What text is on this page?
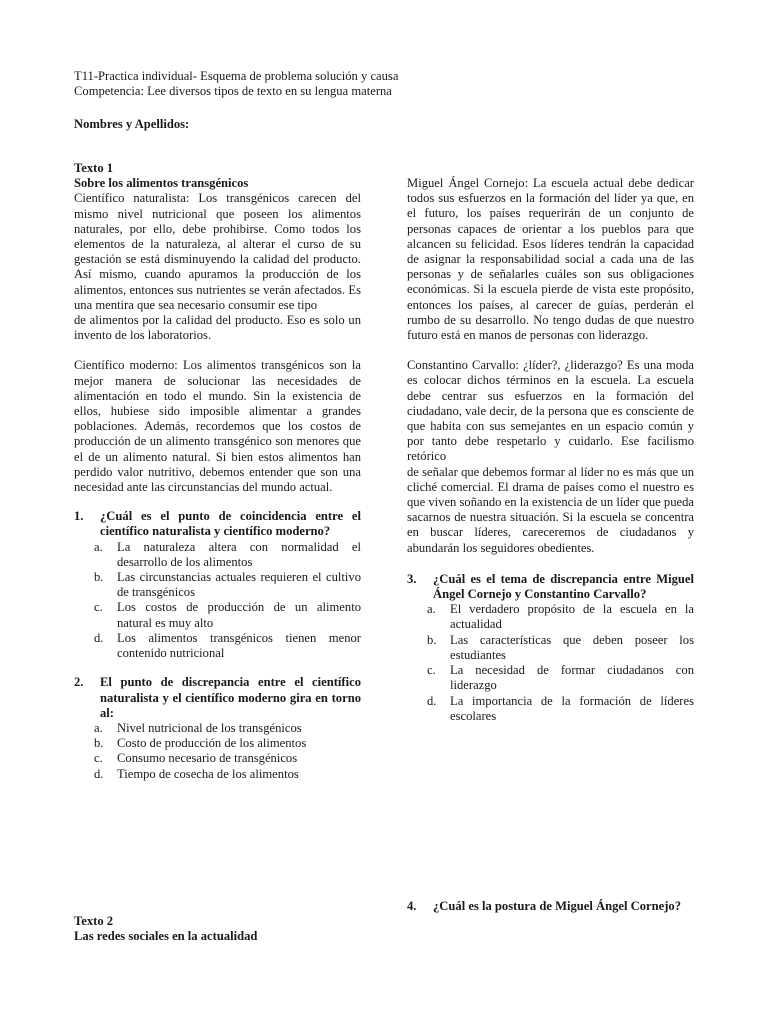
T11-Practica individual- Esquema de problema solución y causa
Competencia: Lee diversos tipos de texto en su lengua materna
Nombres y Apellidos:
Texto 1
Sobre los alimentos transgénicos

Científico naturalista: Los transgénicos carecen del mismo nivel nutricional que poseen los alimentos naturales, por ello, debe prohibirse. Como todos los elementos de la naturaleza, al alterar el curso de su gestación se está disminuyendo la calidad del producto. Así mismo, cuando apuramos la producción de los alimentos, entonces sus nutrientes se verán afectados. Es una mentira que sea necesario consumir ese tipo

de alimentos por la calidad del producto. Eso es solo un invento de los laboratorios.

Científico moderno: Los alimentos transgénicos son la mejor manera de solucionar las necesidades de alimentación en todo el mundo. Sin la existencia de ellos, hubiese sido imposible alimentar a grandes poblaciones. Además, recordemos que los costos de producción de un alimento transgénico son menores que el de un alimento natural. Si bien estos alimentos han perdido valor nutritivo, debemos entender que son una necesidad ante las circunstancias del mundo actual.

1.	¿Cuál es el punto de coincidencia entre el científico naturalista y científico moderno?
a.	La naturaleza altera con normalidad el desarrollo de los alimentos
b.	Las circunstancias actuales requieren el cultivo de transgénicos
c.	Los costos de producción de un alimento natural es muy alto
d.	Los alimentos transgénicos tienen menor contenido nutricional
2.	El punto de discrepancia entre el científico naturalista y el científico moderno gira en torno al:
a.	Nivel nutricional de los transgénicos
b.	Costo de producción de los alimentos
c.	Consumo necesario de transgénicos
d.	Tiempo de cosecha de los alimentos

Miguel Ángel Cornejo: La escuela actual debe dedicar todos sus esfuerzos en la formación del líder ya que, en el futuro, los países requerirán de un conjunto de personas capaces de orientar a los pueblos para que alcancen su felicidad. Esos líderes tendrán la capacidad de asignar la responsabilidad social a cada una de las personas y de señalarles cuáles son sus obligaciones económicas. Si la escuela pierde de vista este propósito, entonces los países, al carecer de guías, perderán el rumbo de su desarrollo. No tengo dudas de que nuestro futuro está en manos de personas con liderazgo.

Constantino Carvallo: ¿líder?, ¿liderazgo? Es una moda es colocar dichos términos en la escuela. La escuela debe centrar sus esfuerzos en la formación del ciudadano, vale decir, de la persona que es consciente de que habita con sus semejantes en un espacio común y por tanto debe respetarlo y cuidarlo. Ese facilismo retórico

de señalar que debemos formar al líder no es más que un cliché comercial. El drama de países como el nuestro es que viven soñando en la existencia de un líder que pueda sacarnos de nuestra situación. Si la escuela se concentra en buscar líderes, careceremos de ciudadanos y abundarán los seguidores obedientes.

3.	¿Cuál es el tema de discrepancia entre Miguel Ángel Cornejo y Constantino Carvallo?
a.	El verdadero propósito de la escuela en la actualidad
b.	Las características que deben poseer los estudiantes
c.	La necesidad de formar ciudadanos con liderazgo
d.	La importancia de la formación de líderes escolares
4.	¿Cuál es la postura de Miguel Ángel Cornejo?
Texto 2
Las redes sociales en la actualidad
